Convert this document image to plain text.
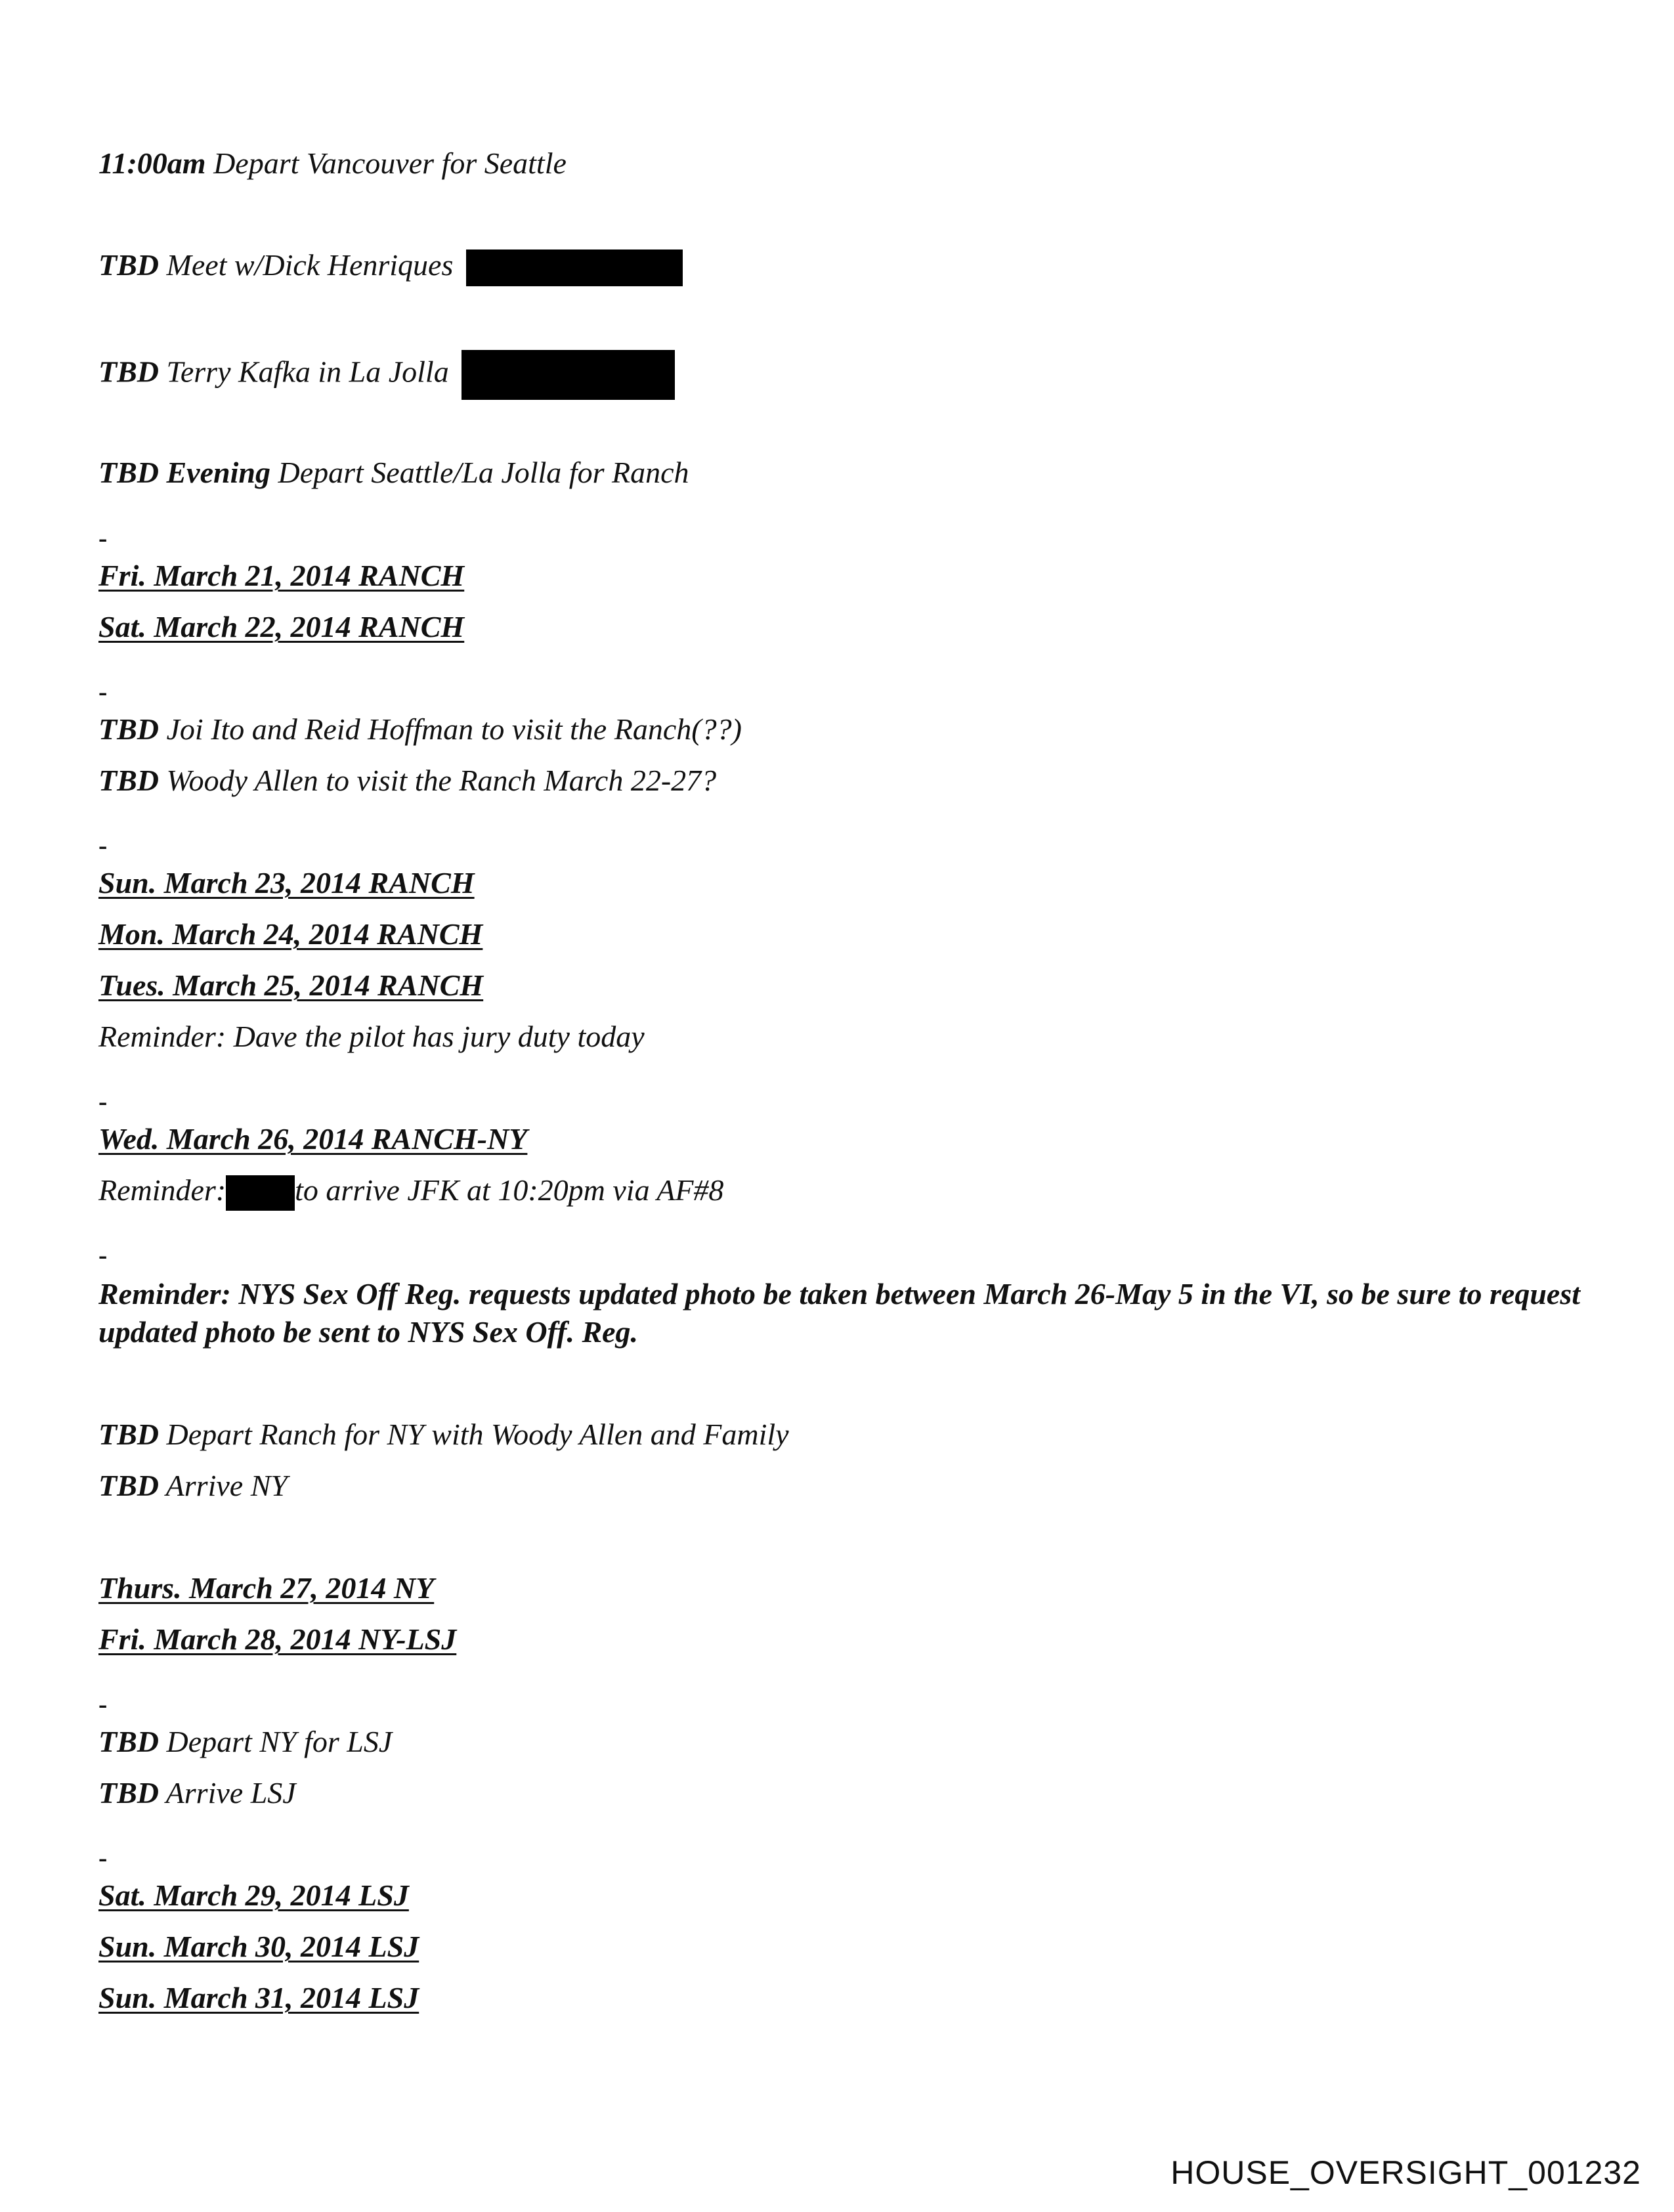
11:00am Depart Vancouver for Seattle
TBD Meet w/Dick Henriques
TBD Terry Kafka in La Jolla
TBD Evening Depart Seattle/La Jolla for Ranch
-
Fri. March 21, 2014 RANCH
Sat. March 22, 2014 RANCH
-
TBD Joi Ito and Reid Hoffman to visit the Ranch(??)
TBD Woody Allen to visit the Ranch March 22-27?
-
Sun. March 23, 2014 RANCH
Mon. March 24, 2014 RANCH
Tues. March 25, 2014 RANCH
Reminder: Dave the pilot has jury duty today
-
Wed. March 26, 2014 RANCH-NY
Reminder: to arrive JFK at 10:20pm via AF#8
-
Reminder: NYS Sex Off Reg. requests updated photo be taken between March 26-May 5 in the VI, so be sure to request updated photo be sent to NYS Sex Off. Reg.
TBD Depart Ranch for NY with Woody Allen and Family
TBD Arrive NY
Thurs. March 27, 2014 NY
Fri. March 28, 2014 NY-LSJ
-
TBD Depart NY for LSJ
TBD Arrive LSJ
-
Sat. March 29, 2014 LSJ
Sun. March 30, 2014 LSJ
Sun. March 31, 2014 LSJ
HOUSE_OVERSIGHT_001232
